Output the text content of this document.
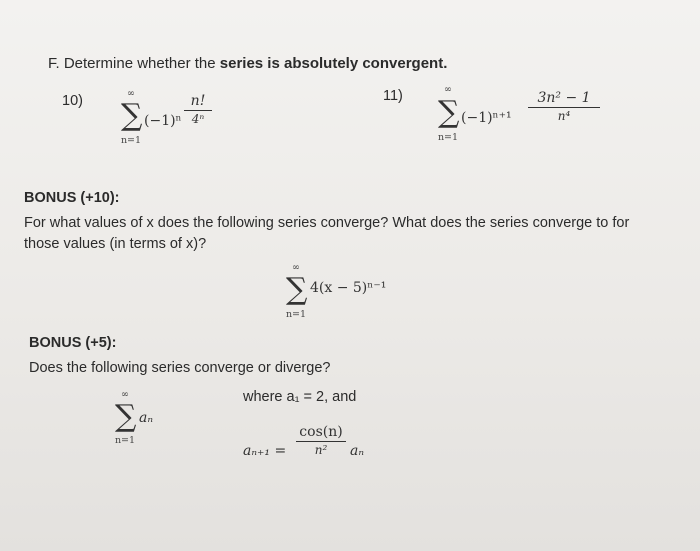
F. Determine whether the series is absolutely convergent.
10)	∞
∑
n=1
(−1)ⁿ
n!
4ⁿ
11)	∞
∑
n=1
(−1)ⁿ⁺¹
3n² − 1
n⁴
BONUS (+10):
For what values of x does the following series converge? What does the series converge to for
those values (in terms of x)?
∞
∑
n=1
4(x − 5)ⁿ⁻¹
BONUS (+5):
Does the following series converge or diverge?
∞
∑
n=1
aₙ
where a₁ = 2, and
aₙ₊₁ =
cos(n)
n²	aₙ
